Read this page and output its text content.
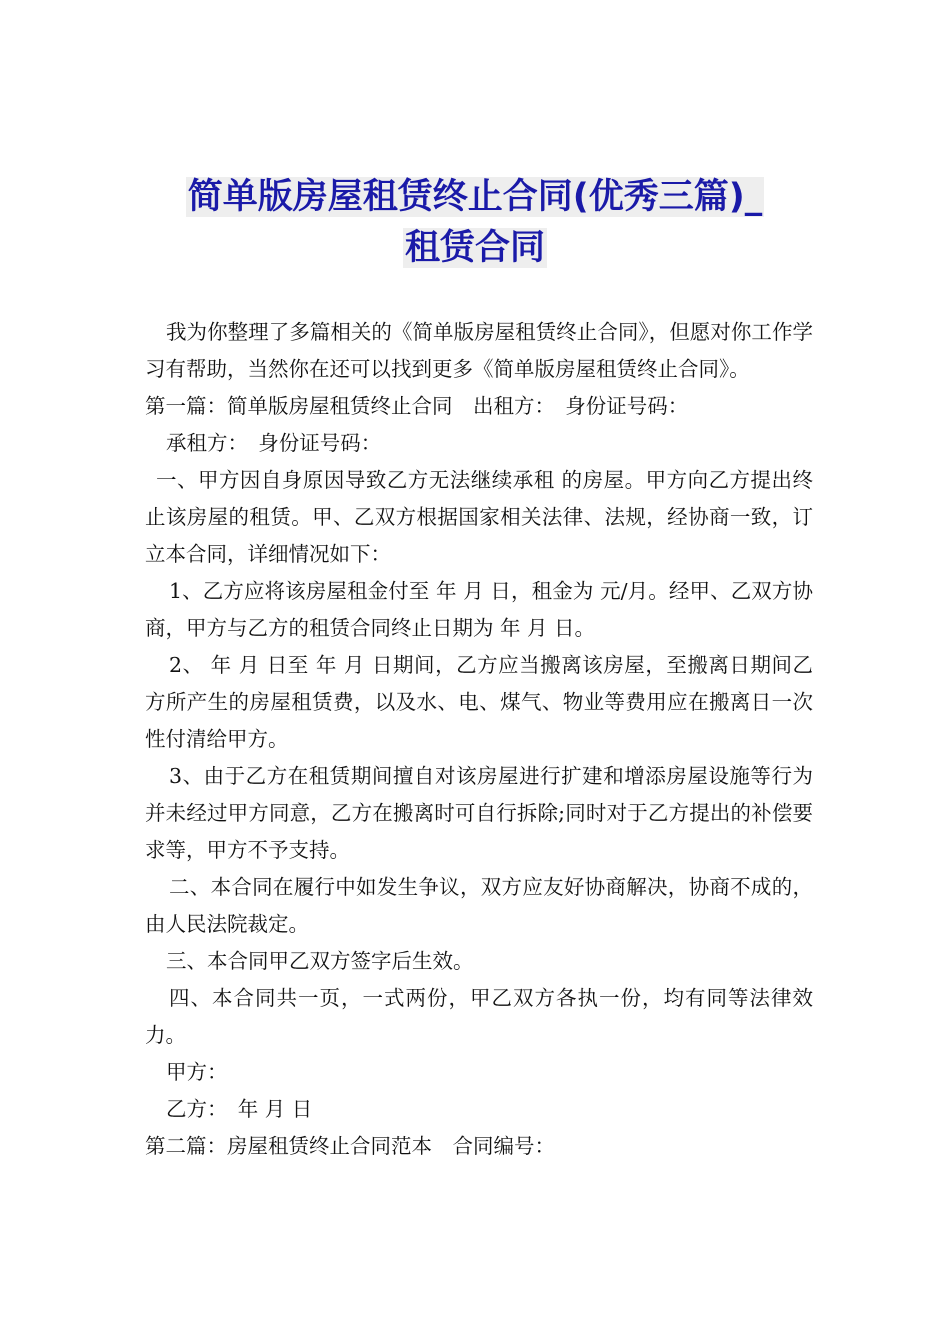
简单版房屋租赁终止合同(优秀三篇)_
租赁合同

我为你整理了多篇相关的《简单版房屋租赁终止合同》，但愿对你工作学习有帮助，当然你在还可以找到更多《简单版房屋租赁终止合同》。

第一篇：简单版房屋租赁终止合同　出租方：　身份证号码：

承租方：　身份证号码：

一、甲方因自身原因导致乙方无法继续承租 的房屋。甲方向乙方提出终止该房屋的租赁。甲、乙双方根据国家相关法律、法规，经协商一致，订立本合同，详细情况如下：

1、乙方应将该房屋租金付至 年 月 日，租金为 元/月。经甲、乙双方协商，甲方与乙方的租赁合同终止日期为 年 月 日。

2、 年 月 日至 年 月 日期间，乙方应当搬离该房屋，至搬离日期间乙方所产生的房屋租赁费，以及水、电、煤气、物业等费用应在搬离日一次性付清给甲方。

3、由于乙方在租赁期间擅自对该房屋进行扩建和增添房屋设施等行为并未经过甲方同意，乙方在搬离时可自行拆除;同时对于乙方提出的补偿要求等，甲方不予支持。

二、本合同在履行中如发生争议，双方应友好协商解决，协商不成的，由人民法院裁定。

三、本合同甲乙双方签字后生效。

四、本合同共一页，一式两份，甲乙双方各执一份，均有同等法律效力。

甲方：

乙方：　年 月 日

第二篇：房屋租赁终止合同范本　合同编号：
